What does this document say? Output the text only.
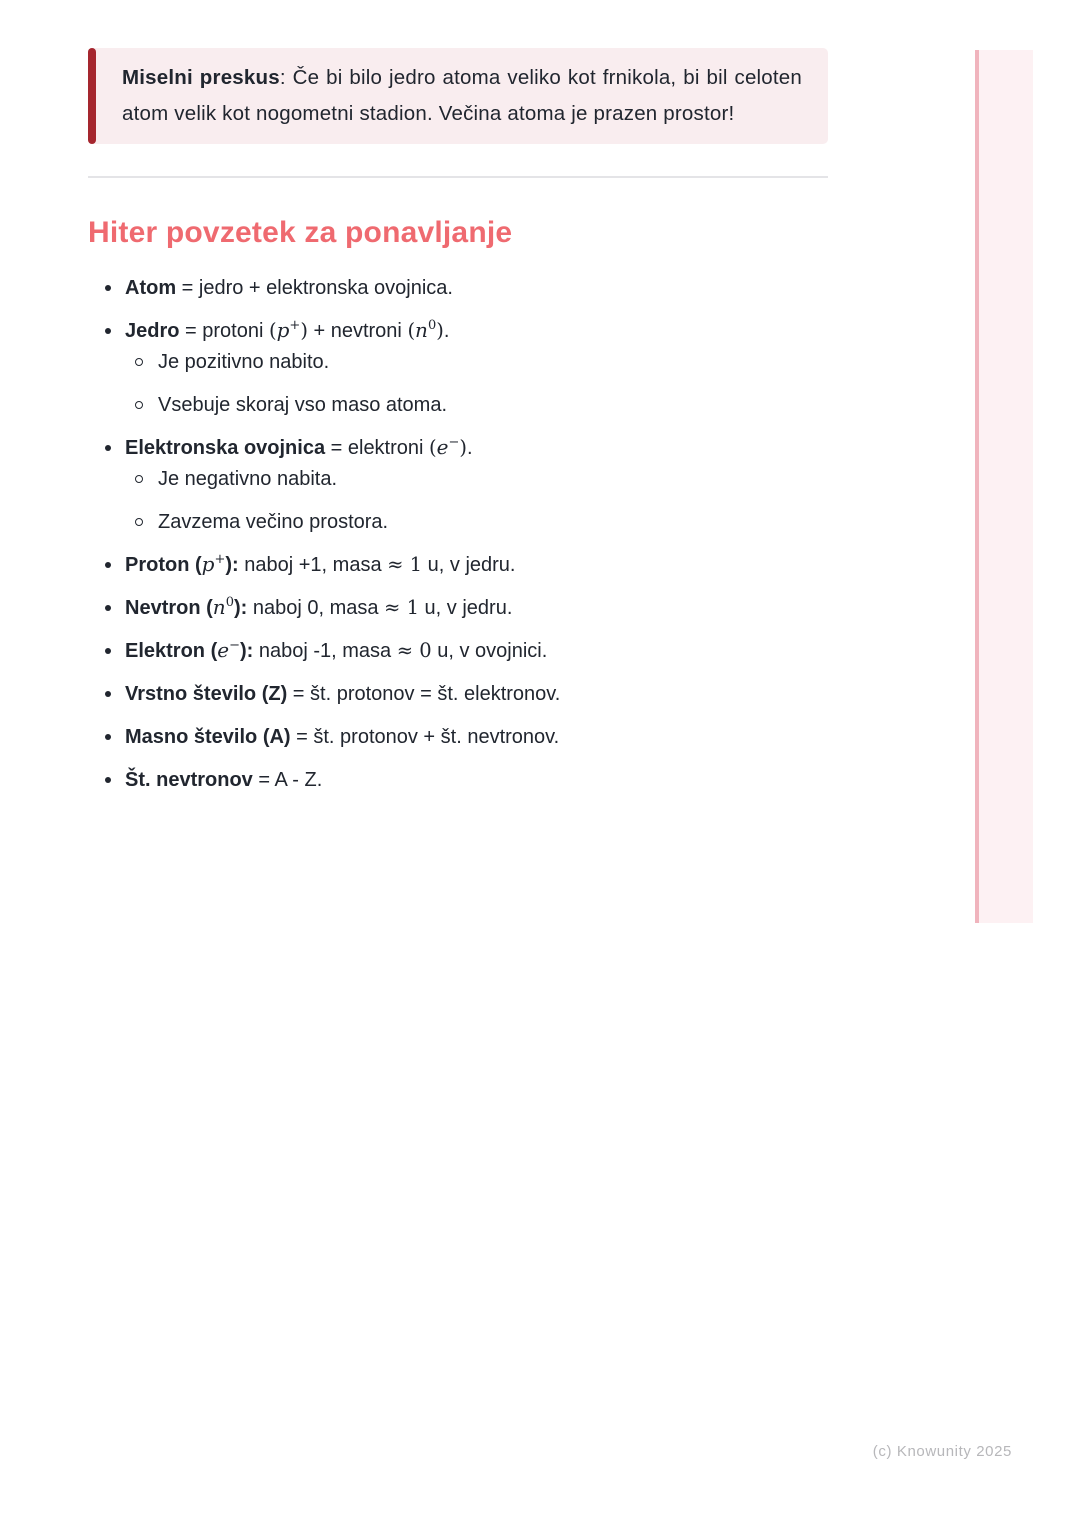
Miselni preskus: Če bi bilo jedro atoma veliko kot frnikola, bi bil celoten atom velik kot nogometni stadion. Večina atoma je prazen prostor!

Hiter povzetek za ponavljanje
Atom = jedro + elektronska ovojnica.
Jedro = protoni (p+) + nevtroni $(n^0)$.
Je pozitivno nabito.
Vsebuje skoraj vso maso atoma.
Elektronska ovojnica = elektroni (e−).
Je negativno nabita.
Zavzema večino prostora.
Proton (p+): naboj +1, masa ≈ 1 u, v jedru.
Nevtron $(n^0)$: naboj 0, masa ≈ 1 u, v jedru.
Elektron (e−): naboj -1, masa ≈ 0 u, v ovojnici.
Vrstno število (Z) = št. protonov = št. elektronov.
Masno število (A) = št. protonov + št. nevtronov.
Št. nevtronov = A - Z.
(c) Knowunity 2025
